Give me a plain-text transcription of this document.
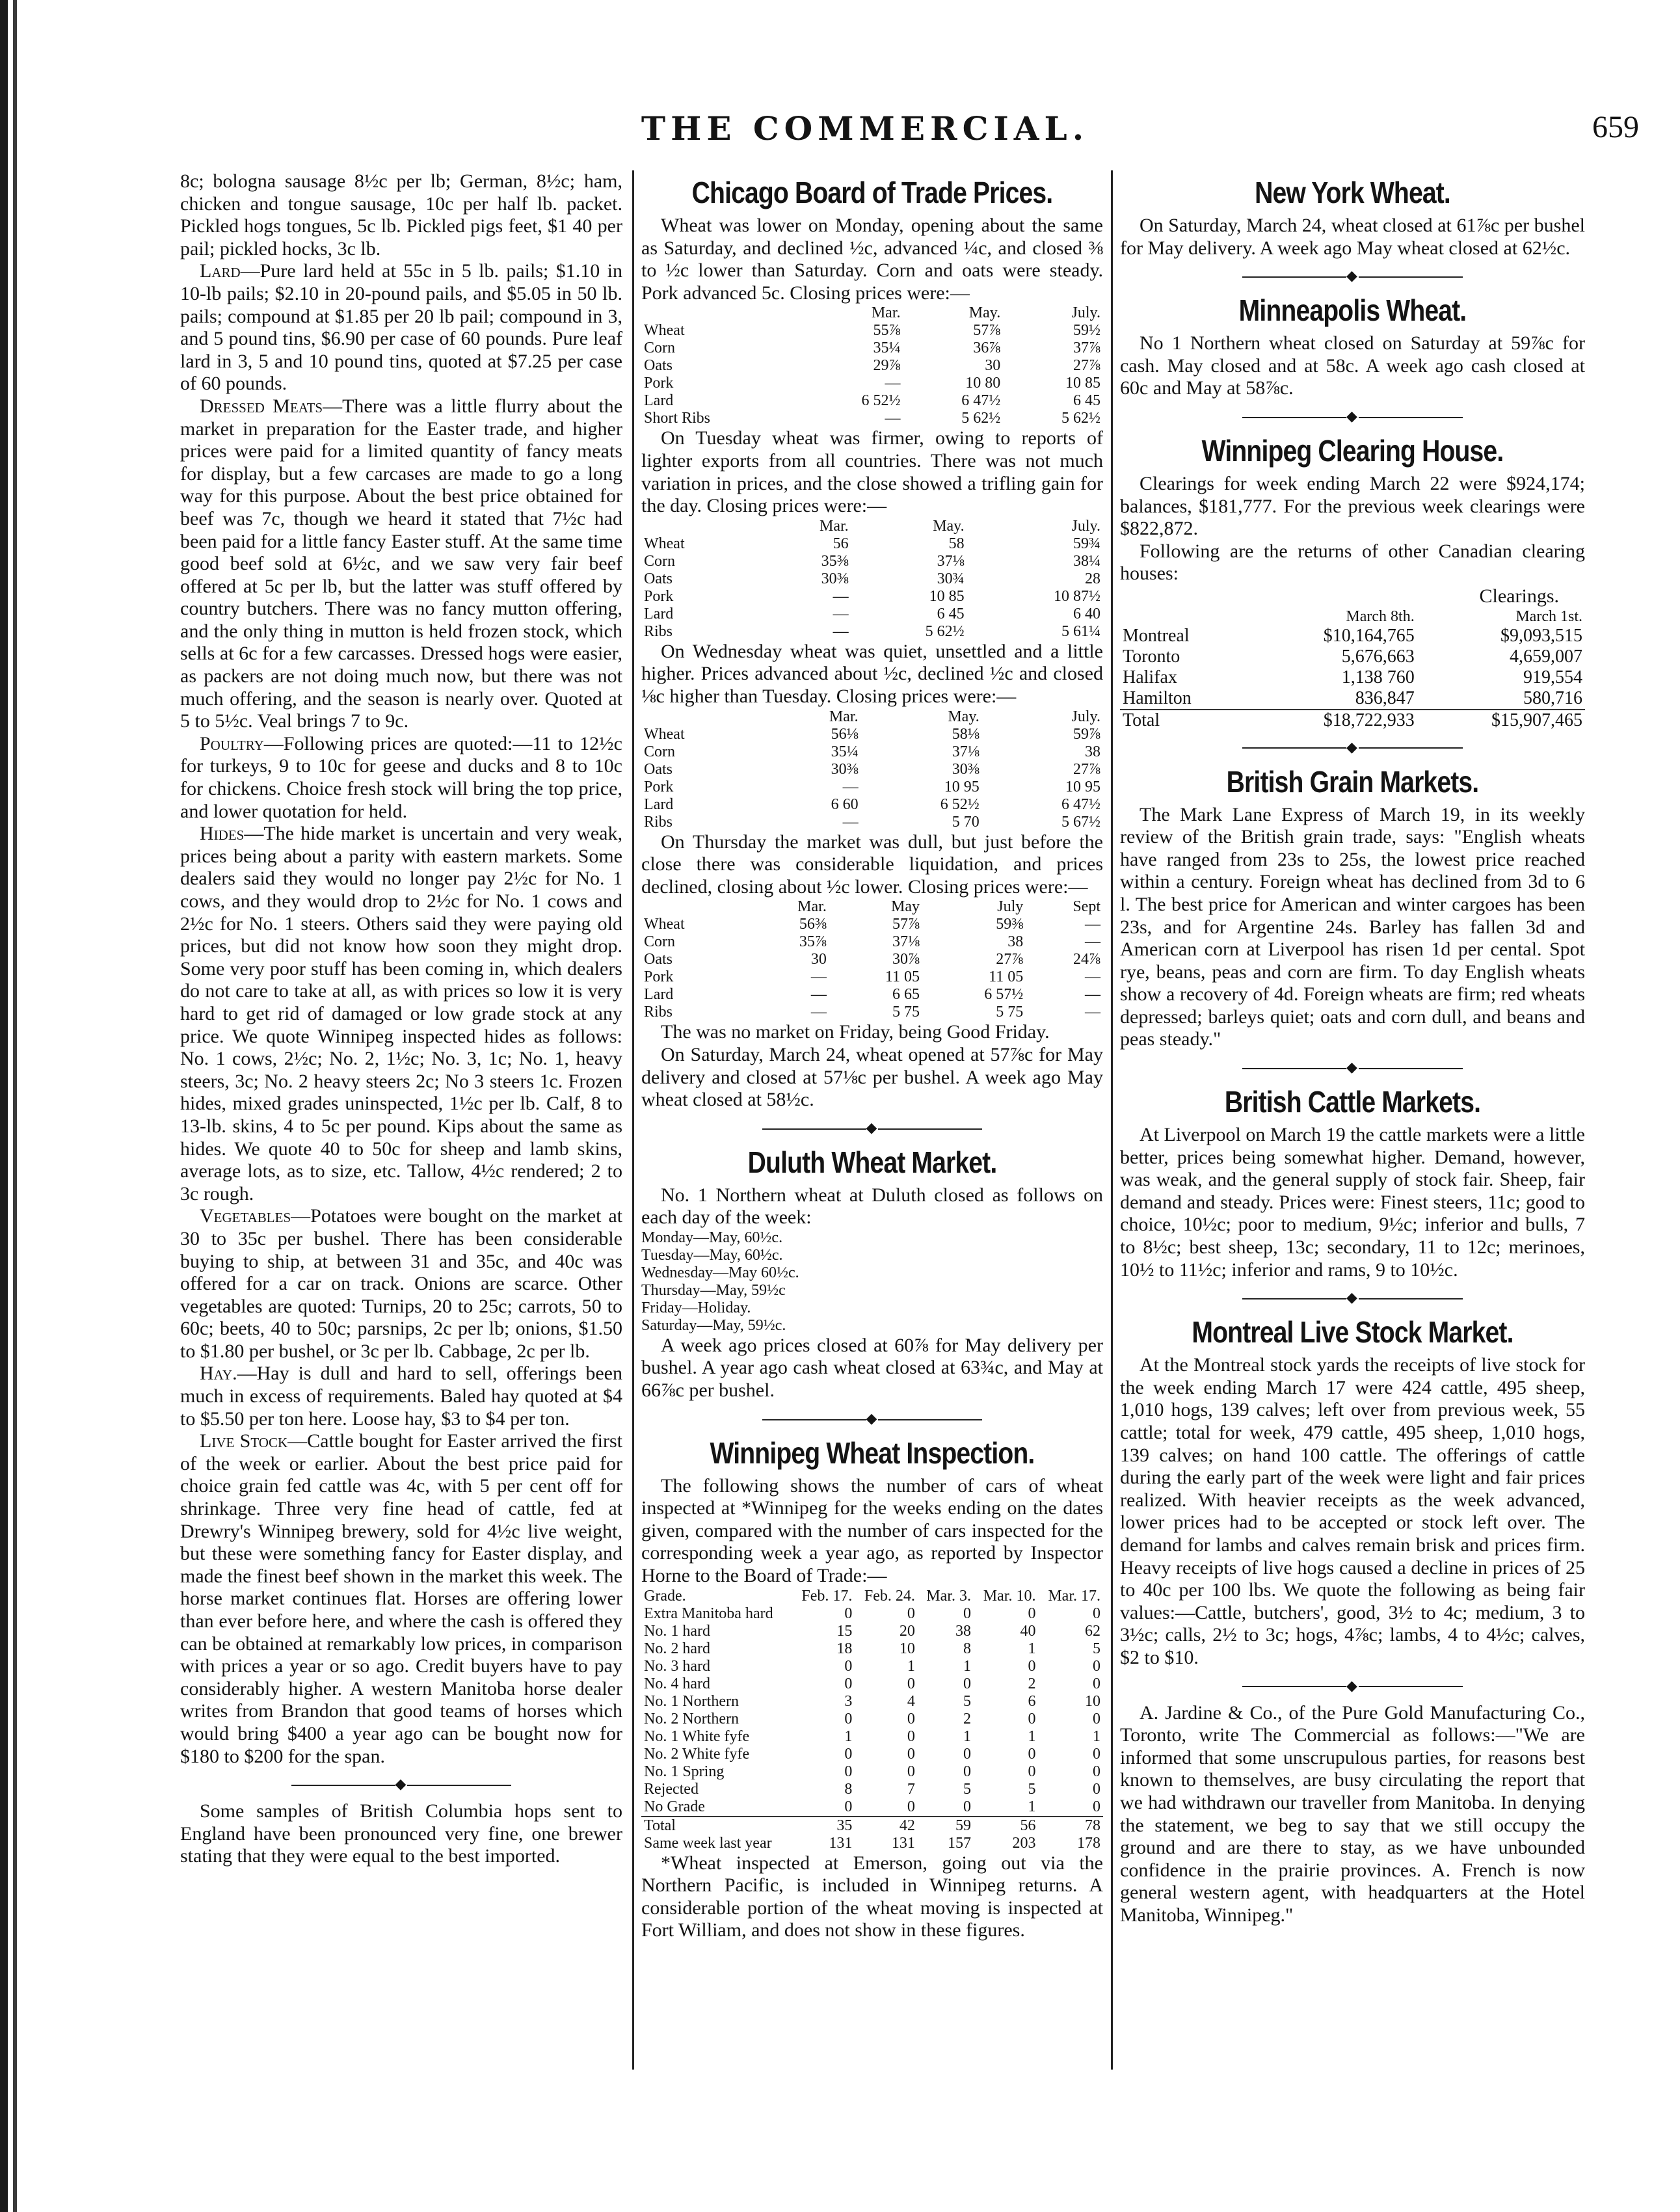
THE COMMERCIAL.	659

8c; bologna sausage 8½c per lb; German, 8½c; ham, chicken and tongue sausage, 10c per half lb. packet. Pickled hogs tongues, 5c lb. Pickled pigs feet, $1 40 per pail; pickled hocks, 3c lb.

Lard—Pure lard held at 55c in 5 lb. pails; $1.10 in 10-lb pails; $2.10 in 20-pound pails, and $5.05 in 50 lb. pails; compound at $1.85 per 20 lb pail; compound in 3, and 5 pound tins, $6.90 per case of 60 pounds. Pure leaf lard in 3, 5 and 10 pound tins, quoted at $7.25 per case of 60 pounds.

Dressed Meats—There was a little flurry about the market in preparation for the Easter trade, and higher prices were paid for a limited quantity of fancy meats for display, but a few carcases are made to go a long way for this purpose. About the best price obtained for beef was 7c, though we heard it stated that 7½c had been paid for a little fancy Easter stuff. At the same time good beef sold at 6½c, and we saw very fair beef offered at 5c per lb, but the latter was stuff offered by country butchers. There was no fancy mutton offering, and the only thing in mutton is held frozen stock, which sells at 6c for a few carcasses. Dressed hogs were easier, as packers are not doing much now, but there was not much offering, and the season is nearly over. Quoted at 5 to 5½c. Veal brings 7 to 9c.

Poultry—Following prices are quoted:—11 to 12½c for turkeys, 9 to 10c for geese and ducks and 8 to 10c for chickens. Choice fresh stock will bring the top price, and lower quotation for held.

Hides—The hide market is uncertain and very weak, prices being about a parity with eastern markets. Some dealers said they would no longer pay 2½c for No. 1 cows, and they would drop to 2½c for No. 1 cows and 2½c for No. 1 steers. Others said they were paying old prices, but did not know how soon they might drop. Some very poor stuff has been coming in, which dealers do not care to take at all, as with prices so low it is very hard to get rid of damaged or low grade stock at any price. We quote Winnipeg inspected hides as follows: No. 1 cows, 2½c; No. 2, 1½c; No. 3, 1c; No. 1, heavy steers, 3c; No. 2 heavy steers 2c; No 3 steers 1c. Frozen hides, mixed grades uninspected, 1½c per lb. Calf, 8 to 13-lb. skins, 4 to 5c per pound. Kips about the same as hides. We quote 40 to 50c for sheep and lamb skins, average lots, as to size, etc. Tallow, 4½c rendered; 2 to 3c rough.

Vegetables—Potatoes were bought on the market at 30 to 35c per bushel. There has been considerable buying to ship, at between 31 and 35c, and 40c was offered for a car on track. Onions are scarce. Other vegetables are quoted: Turnips, 20 to 25c; carrots, 50 to 60c; beets, 40 to 50c; parsnips, 2c per lb; onions, $1.50 to $1.80 per bushel, or 3c per lb. Cabbage, 2c per lb.

Hay.—Hay is dull and hard to sell, offerings been much in excess of requirements. Baled hay quoted at $4 to $5.50 per ton here. Loose hay, $3 to $4 per ton.

Live Stock—Cattle bought for Easter arrived the first of the week or earlier. About the best price paid for choice grain fed cattle was 4c, with 5 per cent off for shrinkage. Three very fine head of cattle, fed at Drewry's Winnipeg brewery, sold for 4½c live weight, but these were something fancy for Easter display, and made the finest beef shown in the market this week. The horse market continues flat. Horses are offering lower than ever before here, and where the cash is offered they can be obtained at remarkably low prices, in comparison with prices a year or so ago. Credit buyers have to pay considerably higher. A western Manitoba horse dealer writes from Brandon that good teams of horses which would bring $400 a year ago can be bought now for $180 to $200 for the span.

◆

Some samples of British Columbia hops sent to England have been pronounced very fine, one brewer stating that they were equal to the best imported.

Chicago Board of Trade Prices.

Wheat was lower on Monday, opening about the same as Saturday, and declined ½c, advanced ¼c, and closed ⅜ to ½c lower than Saturday. Corn and oats were steady. Pork advanced 5c. Closing prices were:—

	Mar.	May.	July.
Wheat	55⅞	57⅞	59½
Corn	35¼	36⅞	37⅞
Oats	29⅞	30	27⅞
Pork	—	10 80	10 85
Lard	6 52½	6 47½	6 45
Short Ribs	—	5 62½	5 62½

On Tuesday wheat was firmer, owing to reports of lighter exports from all countries. There was not much variation in prices, and the close showed a trifling gain for the day. Closing prices were:—

	Mar.	May.	July.
Wheat	56	58	59¾
Corn	35⅜	37⅛	38¼
Oats	30⅜	30¾	28
Pork	—	10 85	10 87½
Lard	—	6 45	6 40
Ribs	—	5 62½	5 61¼

On Wednesday wheat was quiet, unsettled and a little higher. Prices advanced about ½c, declined ½c and closed ⅛c higher than Tuesday. Closing prices were:—

	Mar.	May.	July.
Wheat	56⅛	58⅛	59⅞
Corn	35¼	37⅛	38
Oats	30⅜	30⅜	27⅞
Pork	—	10 95	10 95
Lard	6 60	6 52½	6 47½
Ribs	—	5 70	5 67½

On Thursday the market was dull, but just before the close there was considerable liquidation, and prices declined, closing about ½c lower. Closing prices were:—

	Mar.	May	July	Sept
Wheat	56⅜	57⅞	59⅜	—
Corn	35⅞	37⅛	38	—
Oats	30	30⅞	27⅞	24⅞
Pork	—	11 05	11 05	—
Lard	—	6 65	6 57½	—
Ribs	—	5 75	5 75	—

The was no market on Friday, being Good Friday.

On Saturday, March 24, wheat opened at 57⅞c for May delivery and closed at 57⅛c per bushel. A week ago May wheat closed at 58½c.

◆
Duluth Wheat Market.

No. 1 Northern wheat at Duluth closed as follows on each day of the week:

Monday—May, 60½c.
Tuesday—May, 60½c.
Wednesday—May 60½c.
Thursday—May, 59½c
Friday—Holiday.
Saturday—May, 59½c.

A week ago prices closed at 60⅞ for May delivery per bushel. A year ago cash wheat closed at 63¾c, and May at 66⅞c per bushel.

◆
Winnipeg Wheat Inspection.

The following shows the number of cars of wheat inspected at *Winnipeg for the weeks ending on the dates given, compared with the number of cars inspected for the corresponding week a year ago, as reported by Inspector Horne to the Board of Trade:—

Grade.	Feb. 17.	Feb. 24.	Mar. 3.	Mar. 10.	Mar. 17.
Extra Manitoba hard	0	0	0	0	0
No. 1 hard	15	20	38	40	62
No. 2 hard	18	10	8	1	5
No. 3 hard	0	1	1	0	0
No. 4 hard	0	0	0	2	0
No. 1 Northern	3	4	5	6	10
No. 2 Northern	0	0	2	0	0
No. 1 White fyfe	1	0	1	1	1
No. 2 White fyfe	0	0	0	0	0
No. 1 Spring	0	0	0	0	0
Rejected	8	7	5	5	0
No Grade	0	0	0	1	0
Total	35	42	59	56	78
Same week last year	131	131	157	203	178

*Wheat inspected at Emerson, going out via the Northern Pacific, is included in Winnipeg returns. A considerable portion of the wheat moving is inspected at Fort William, and does not show in these figures.

New York Wheat.

On Saturday, March 24, wheat closed at 61⅞c per bushel for May delivery. A week ago May wheat closed at 62½c.

◆
Minneapolis Wheat.

No 1 Northern wheat closed on Saturday at 59⅞c for cash. May closed and at 58c. A week ago cash closed at 60c and May at 58⅞c.

◆
Winnipeg Clearing House.

Clearings for week ending March 22 were $924,174; balances, $181,777. For the previous week clearings were $822,872.

Following are the returns of other Canadian clearing houses:

Clearings.
	March 8th.	March 1st.
Montreal	$10,164,765	$9,093,515
Toronto	5,676,663	4,659,007
Halifax	1,138 760	919,554
Hamilton	836,847	580,716
Total	$18,722,933	$15,907,465
◆
British Grain Markets.

The Mark Lane Express of March 19, in its weekly review of the British grain trade, says: "English wheats have ranged from 23s to 25s, the lowest price reached within a century. Foreign wheat has declined from 3d to 6 l. The best price for American and winter cargoes has been 23s, and for Argentine 24s. Barley has fallen 3d and American corn at Liverpool has risen 1d per cental. Spot rye, beans, peas and corn are firm. To day English wheats show a recovery of 4d. Foreign wheats are firm; red wheats depressed; barleys quiet; oats and corn dull, and beans and peas steady."

◆
British Cattle Markets.

At Liverpool on March 19 the cattle markets were a little better, prices being somewhat higher. Demand, however, was weak, and the general supply of stock fair. Sheep, fair demand and steady. Prices were: Finest steers, 11c; good to choice, 10½c; poor to medium, 9½c; inferior and bulls, 7 to 8½c; best sheep, 13c; secondary, 11 to 12c; merinoes, 10½ to 11½c; inferior and rams, 9 to 10½c.

◆
Montreal Live Stock Market.

At the Montreal stock yards the receipts of live stock for the week ending March 17 were 424 cattle, 495 sheep, 1,010 hogs, 139 calves; left over from previous week, 55 cattle; total for week, 479 cattle, 495 sheep, 1,010 hogs, 139 calves; on hand 100 cattle. The offerings of cattle during the early part of the week were light and fair prices realized. With heavier receipts as the week advanced, lower prices had to be accepted or stock left over. The demand for lambs and calves remain brisk and prices firm. Heavy receipts of live hogs caused a decline in prices of 25 to 40c per 100 lbs. We quote the following as being fair values:—Cattle, butchers', good, 3½ to 4c; medium, 3 to 3½c; calls, 2½ to 3c; hogs, 4⅞c; lambs, 4 to 4½c; calves, $2 to $10.

◆

A. Jardine & Co., of the Pure Gold Manufacturing Co., Toronto, write The Commercial as follows:—"We are informed that some unscrupulous parties, for reasons best known to themselves, are busy circulating the report that we had withdrawn our traveller from Manitoba. In denying the statement, we beg to say that we still occupy the ground and are there to stay, as we have unbounded confidence in the prairie provinces. A. French is now general western agent, with headquarters at the Hotel Manitoba, Winnipeg."
